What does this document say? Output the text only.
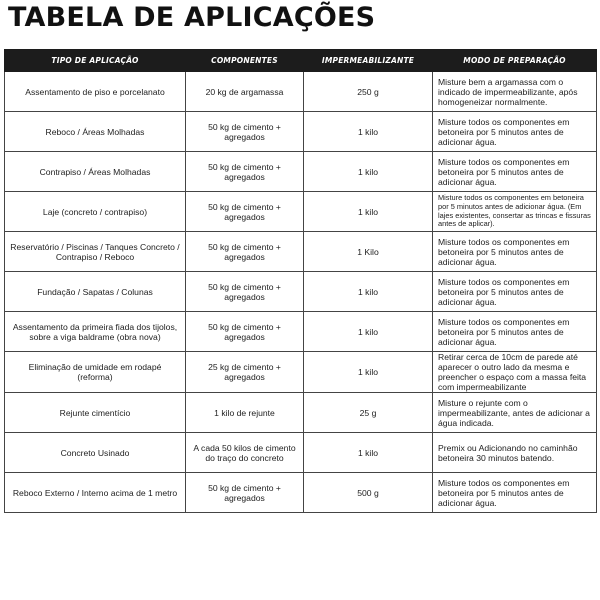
TABELA DE APLICAÇÕES
TIPO DE APLICAÇÃO	COMPONENTES	IMPERMEABILIZANTE	MODO DE PREPARAÇÃO
Assentamento de piso e porcelanato	20 kg de argamassa	250 g	Misture bem a argamassa com o indicado de impermeabilizante, após homogeneizar normalmente.
Reboco / Áreas Molhadas	50 kg de cimento + agregados	1 kilo	Misture todos os componentes em betoneira por 5 minutos antes de adicionar água.
Contrapiso / Áreas Molhadas	50 kg de cimento + agregados	1 kilo	Misture todos os componentes em betoneira por 5 minutos antes de adicionar água.
Laje (concreto / contrapiso)	50 kg de cimento + agregados	1 kilo	Misture todos os componentes em betoneira por 5 minutos antes de adicionar água. (Em lajes existentes, consertar as trincas e fissuras antes de aplicar).
Reservatório / Piscinas / Tanques Concreto / Contrapiso / Reboco	50 kg de cimento + agregados	1 Kilo	Misture todos os componentes em betoneira por 5 minutos antes de adicionar água.
Fundação / Sapatas / Colunas	50 kg de cimento + agregados	1 kilo	Misture todos os componentes em betoneira por 5 minutos antes de adicionar água.
Assentamento da primeira fiada dos tijolos, sobre a viga baldrame (obra nova)	50 kg de cimento + agregados	1 kilo	Misture todos os componentes em betoneira por 5 minutos antes de adicionar água.
Eliminação de umidade em rodapé (reforma)	25 kg de cimento + agregados	1 kilo	Retirar cerca de 10cm de parede até aparecer o outro lado da mesma e preencher o espaço com a massa feita com impermeabilizante
Rejunte cimentício	1 kilo de rejunte	25 g	Misture o rejunte com o impermeabilizante, antes de adicionar a água indicada.
Concreto Usinado	A cada 50 kilos de cimento do traço do concreto	1 kilo	Premix ou Adicionando no caminhão betoneira 30 minutos batendo.
Reboco Externo / Interno acima de 1 metro	50 kg de cimento + agregados	500 g	Misture todos os componentes em betoneira por 5 minutos antes de adicionar água.
